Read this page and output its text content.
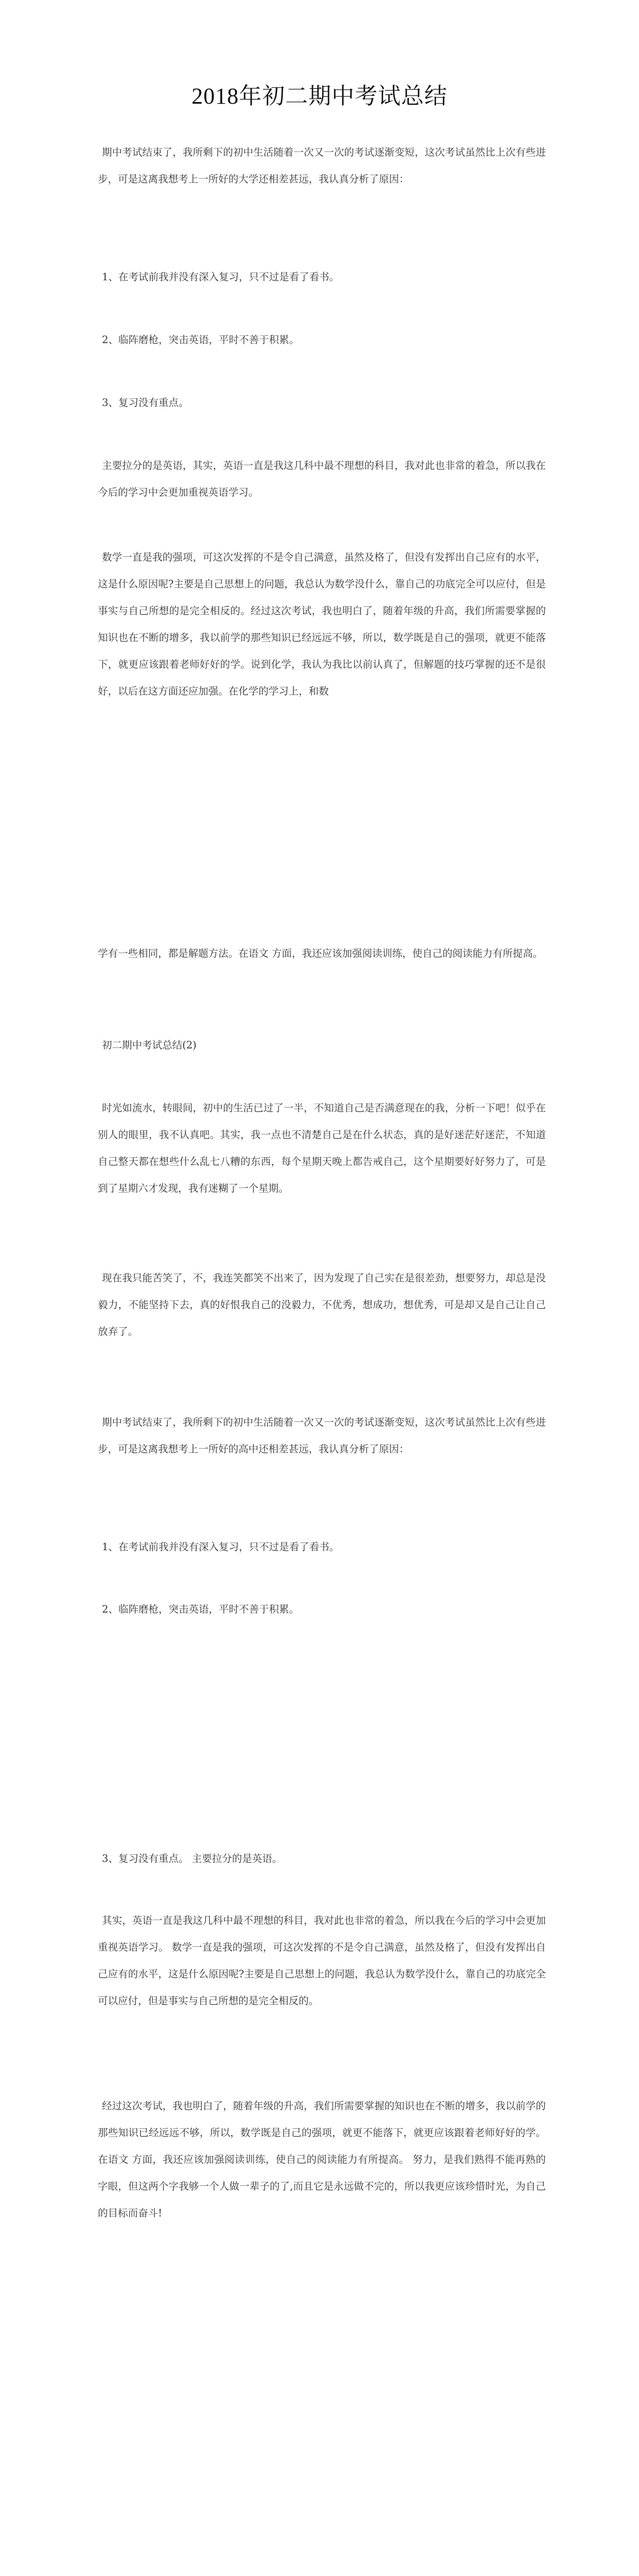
2018年初二期中考试总结

期中考试结束了，我所剩下的初中生活随着一次又一次的考试逐渐变短，这次考试虽然比上次有些进步，可是这离我想考上一所好的大学还相差甚远，我认真分析了原因：

1、在考试前我并没有深入复习，只不过是看了看书。

2、临阵磨枪，突击英语，平时不善于积累。

3、复习没有重点。

主要拉分的是英语，其实，英语一直是我这几科中最不理想的科目，我对此也非常的着急，所以我在今后的学习中会更加重视英语学习。

数学一直是我的强项，可这次发挥的不是令自己满意，虽然及格了，但没有发挥出自己应有的水平，这是什么原因呢?主要是自己思想上的问题，我总认为数学没什么，靠自己的功底完全可以应付，但是事实与自己所想的是完全相反的。经过这次考试，我也明白了，随着年级的升高，我们所需要掌握的知识也在不断的增多，我以前学的那些知识已经远远不够，所以，数学既是自己的强项，就更不能落下，就更应该跟着老师好好的学。说到化学，我认为我比以前认真了，但解题的技巧掌握的还不是很好，以后在这方面还应加强。在化学的学习上，和数

学有一些相同，都是解题方法。在语文 方面，我还应该加强阅读训练，使自己的阅读能力有所提高。

初二期中考试总结(2)

时光如流水，转眼间，初中的生活已过了一半，不知道自己是否满意现在的我，分析一下吧！似乎在别人的眼里，我不认真吧。其实，我一点也不清楚自己是在什么状态，真的是好迷茫好迷茫，不知道自己整天都在想些什么乱七八糟的东西，每个星期天晚上都告戒自己，这个星期要好好努力了，可是到了星期六才发现，我有迷糊了一个星期。

现在我只能苦笑了，不，我连笑都笑不出来了，因为发现了自己实在是很差劲，想要努力，却总是没毅力，不能坚持下去，真的好恨我自己的没毅力，不优秀，想成功，想优秀，可是却又是自己让自己放弃了。

期中考试结束了，我所剩下的初中生活随着一次又一次的考试逐渐变短，这次考试虽然比上次有些进步，可是这离我想考上一所好的高中还相差甚远，我认真分析了原因：

1、在考试前我并没有深入复习，只不过是看了看书。

2、临阵磨枪，突击英语，平时不善于积累。

3、复习没有重点。 主要拉分的是英语。

其实，英语一直是我这几科中最不理想的科目，我对此也非常的着急，所以我在今后的学习中会更加重视英语学习。 数学一直是我的强项，可这次发挥的不是令自己满意，虽然及格了，但没有发挥出自己应有的水平，这是什么原因呢?主要是自己思想上的问题，我总认为数学没什么，靠自己的功底完全可以应付，但是事实与自己所想的是完全相反的。

经过这次考试，我也明白了，随着年级的升高，我们所需要掌握的知识也在不断的增多，我以前学的那些知识已经远远不够，所以，数学既是自己的强项，就更不能落下，就更应该跟着老师好好的学。在语文 方面，我还应该加强阅读训练，使自己的阅读能力有所提高。 努力，是我们熟得不能再熟的字眼，但这两个字我够一个人做一辈子的了,而且它是永远做不完的，所以我更应该珍惜时光，为自己的目标而奋斗!
